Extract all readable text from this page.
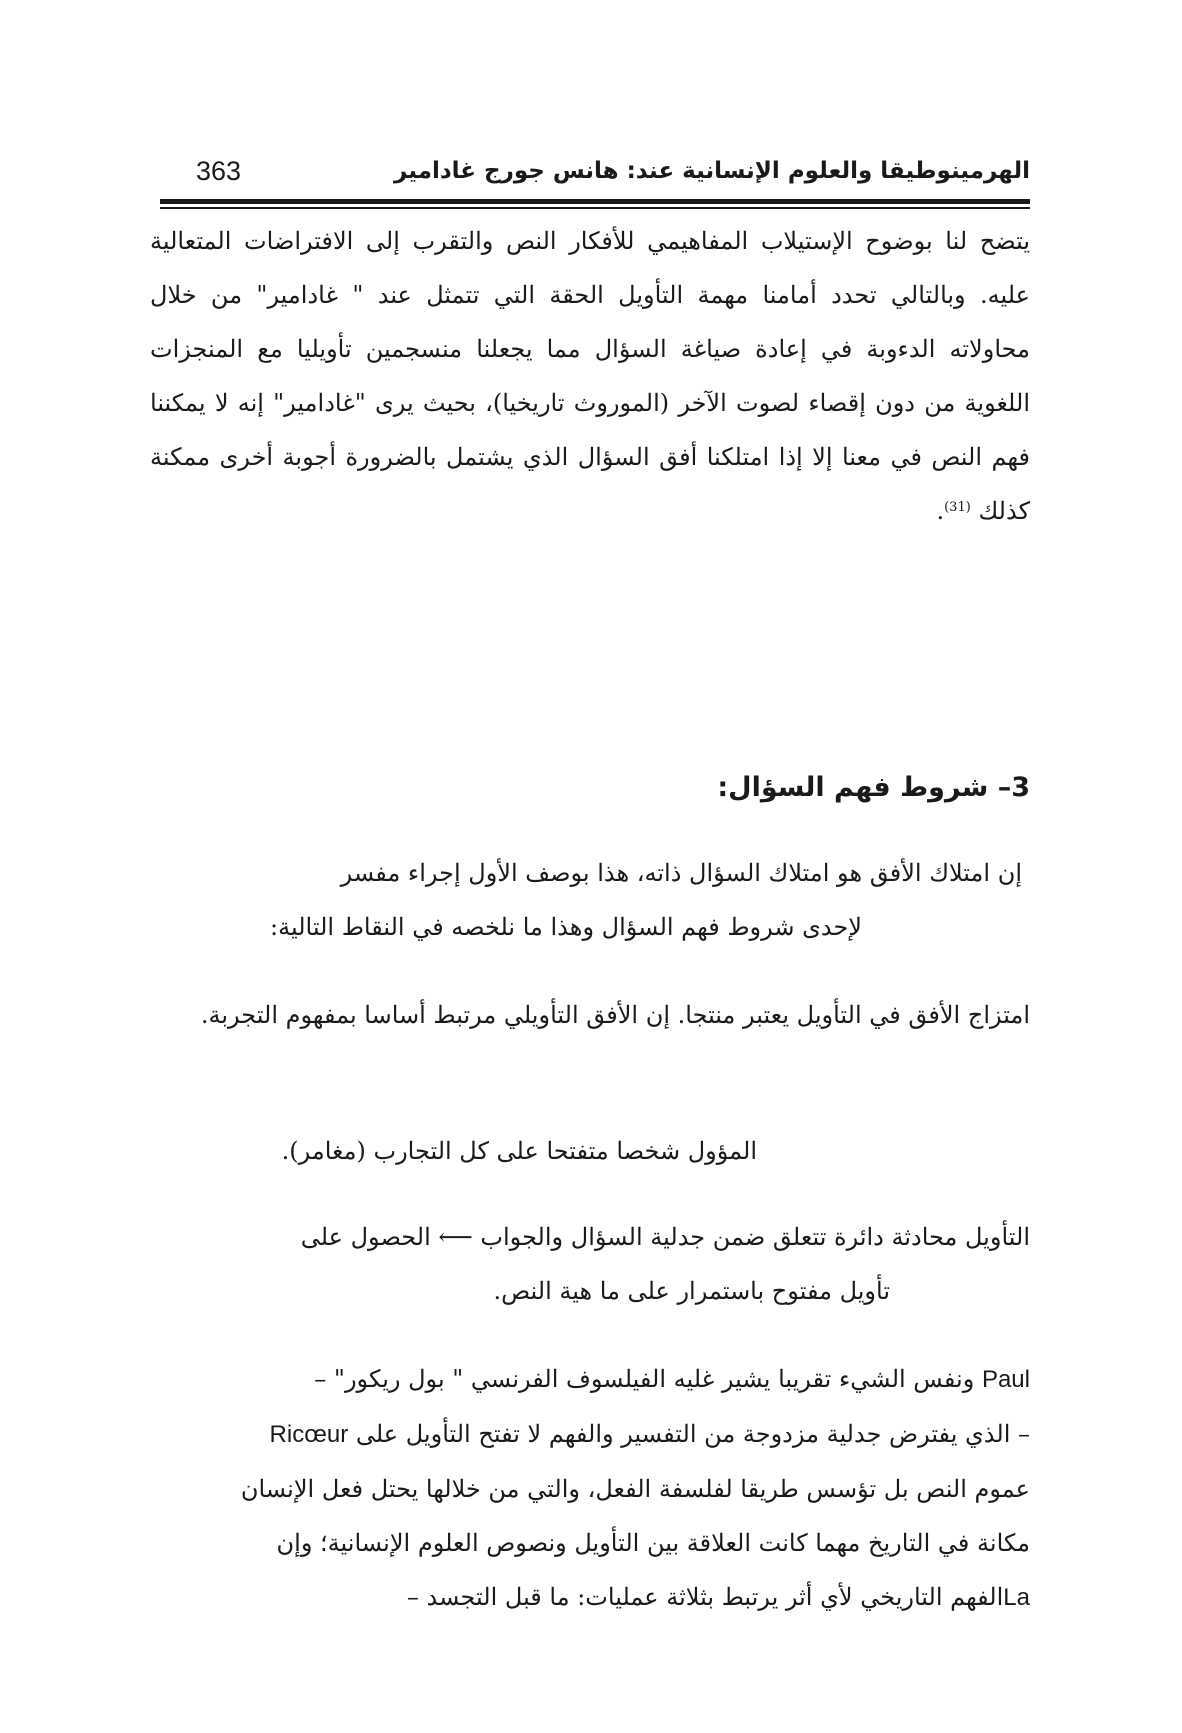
الهرمينوطيقا والعلوم الإنسانية عند: هانس جورج غادامير
363

يتضح لنا بوضوح الإستيلاب المفاهيمي للأفكار النص والتقرب إلى الافتراضات المتعالية عليه. وبالتالي تحدد أمامنا مهمة التأويل الحقة التي تتمثل عند " غادامير" من خلال محاولاته الدءوبة في إعادة صياغة السؤال مما يجعلنا منسجمين تأويليا مع المنجزات اللغوية من دون إقصاء لصوت الآخر (الموروث تاريخيا)، بحيث يرى "غادامير" إنه لا يمكننا فهم النص في معنا إلا إذا امتلكنا أفق السؤال الذي يشتمل بالضرورة أجوبة أخرى ممكنة كذلك $^{(31)}$.

3– شروط فهم السؤال:

إن امتلاك الأفق هو امتلاك السؤال ذاته، هذا بوصف الأول إجراء مفسر

لإحدى شروط فهم السؤال وهذا ما نلخصه في النقاط التالية:

امتزاج الأفق في التأويل يعتبر منتجا. إن الأفق التأويلي مرتبط أساسا بمفهوم التجربة.

المؤول شخصا متفتحا على كل التجارب (مغامر).

التأويل محادثة دائرة تتعلق ضمن جدلية السؤال والجواب ⟵ الحصول على

تأويل مفتوح باستمرار على ما هية النص.

Paul ونفس الشيء تقريبا يشير غليه الفيلسوف الفرنسي " بول ريكور" –

– الذي يفترض جدلية مزدوجة من التفسير والفهم لا تفتح التأويل على Ricœur

عموم النص بل تؤسس طريقا لفلسفة الفعل، والتي من خلالها يحتل فعل الإنسان

مكانة في التاريخ مهما كانت العلاقة بين التأويل ونصوص العلوم الإنسانية؛ وإن

Laالفهم التاريخي لأي أثر يرتبط بثلاثة عمليات: ما قبل التجسد –
